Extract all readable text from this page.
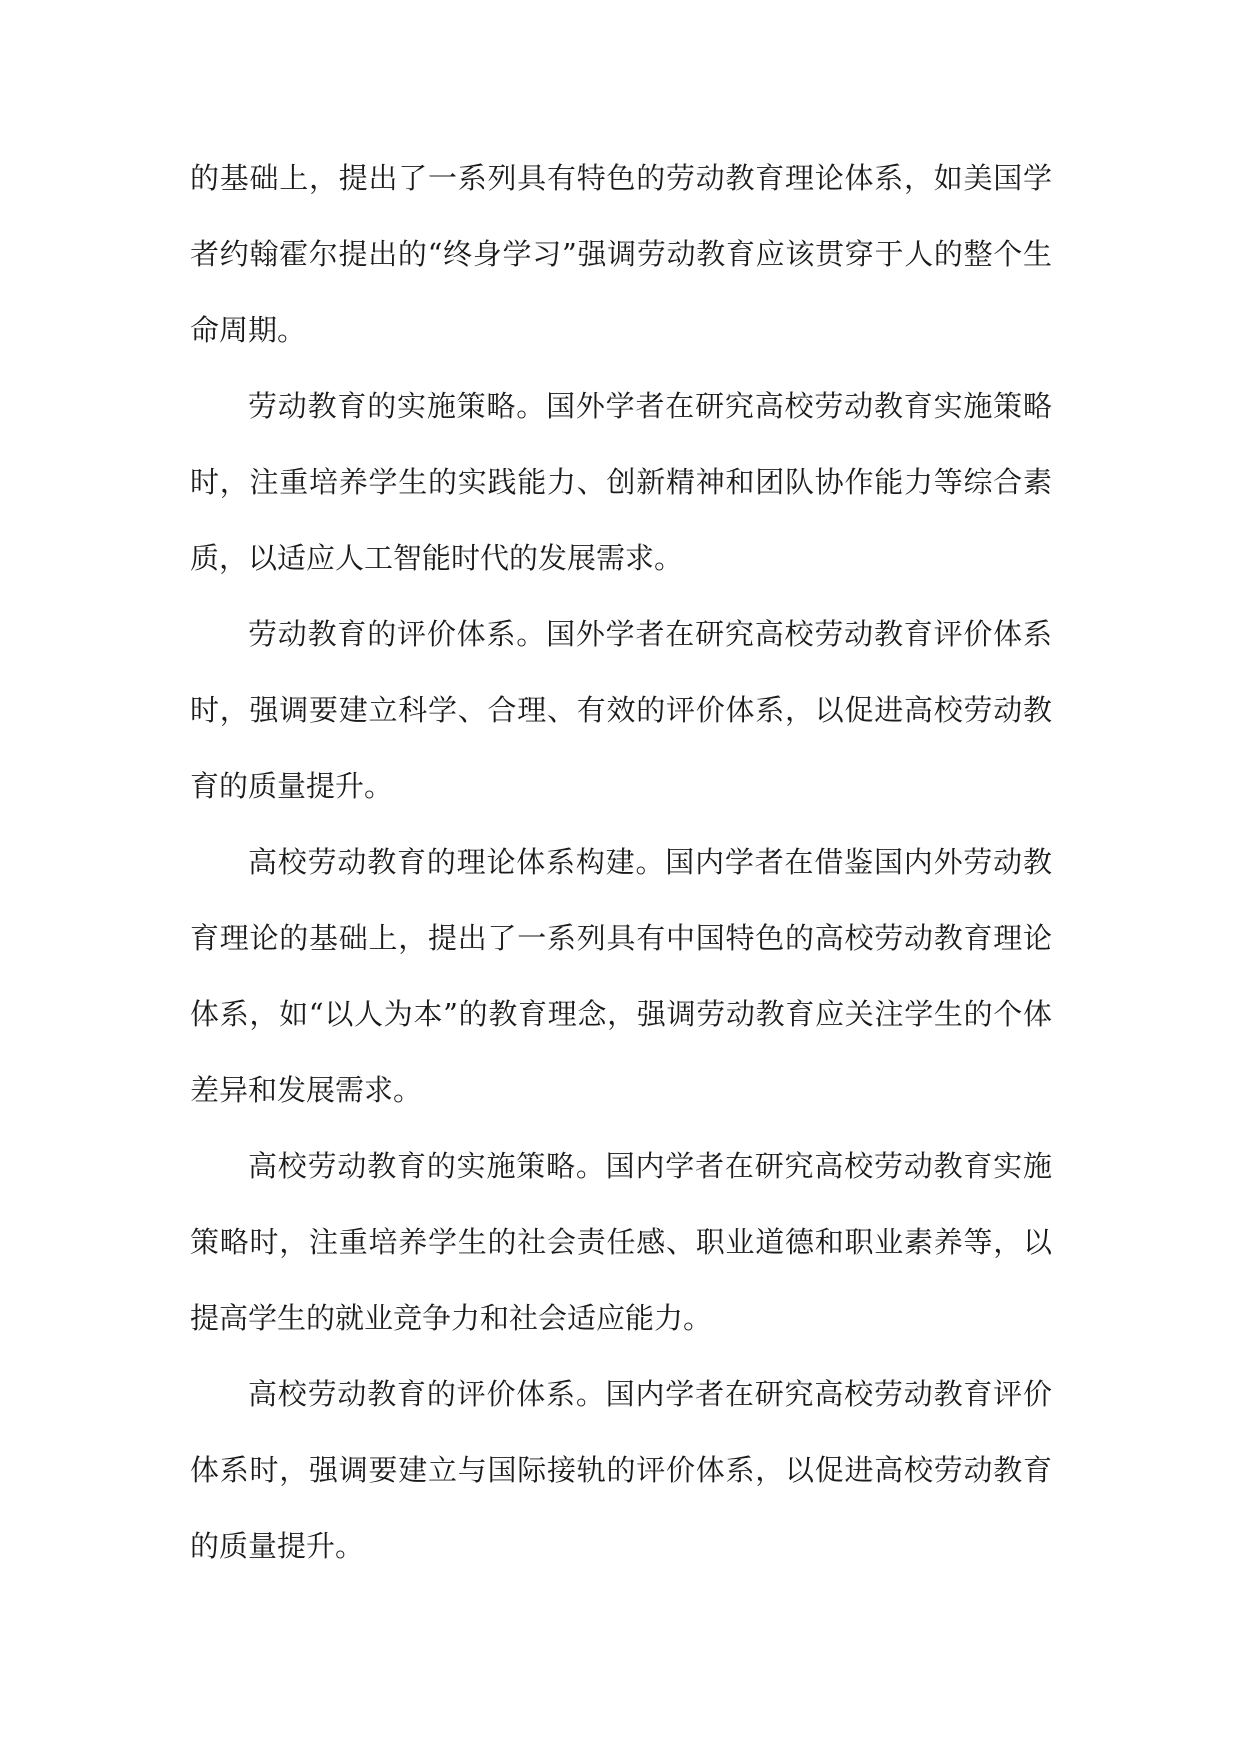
的基础上，提出了一系列具有特色的劳动教育理论体系，如美国学者约翰霍尔提出的“终身学习”强调劳动教育应该贯穿于人的整个生命周期。

劳动教育的实施策略。国外学者在研究高校劳动教育实施策略时，注重培养学生的实践能力、创新精神和团队协作能力等综合素质，以适应人工智能时代的发展需求。

劳动教育的评价体系。国外学者在研究高校劳动教育评价体系时，强调要建立科学、合理、有效的评价体系，以促进高校劳动教育的质量提升。

高校劳动教育的理论体系构建。国内学者在借鉴国内外劳动教育理论的基础上，提出了一系列具有中国特色的高校劳动教育理论体系，如“以人为本”的教育理念，强调劳动教育应关注学生的个体差异和发展需求。

高校劳动教育的实施策略。国内学者在研究高校劳动教育实施策略时，注重培养学生的社会责任感、职业道德和职业素养等，以提高学生的就业竞争力和社会适应能力。

高校劳动教育的评价体系。国内学者在研究高校劳动教育评价体系时，强调要建立与国际接轨的评价体系，以促进高校劳动教育的质量提升。
